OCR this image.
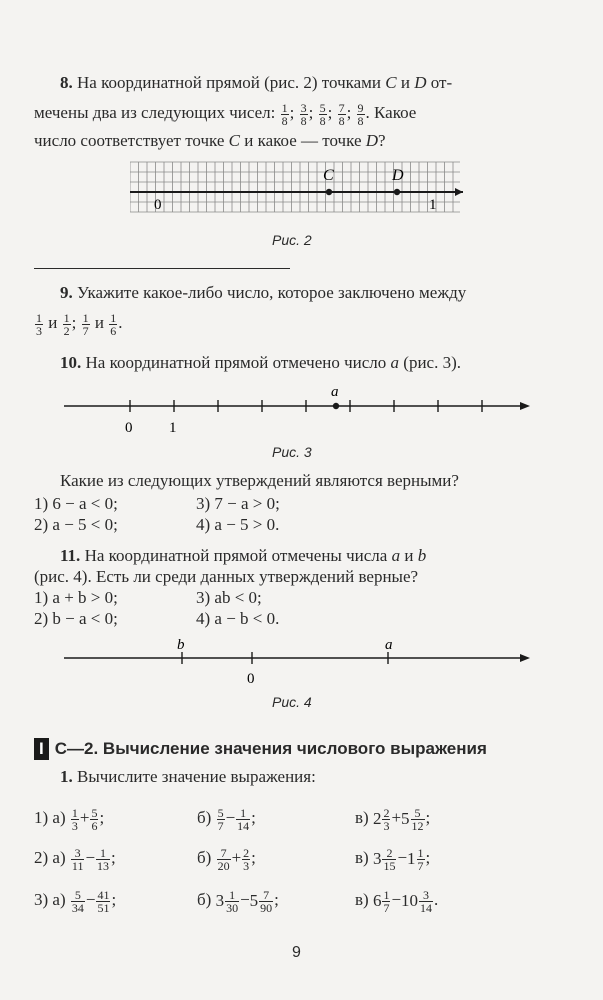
8. На координатной прямой (рис. 2) точками C и D от-
мечены два из следующих чисел: $\frac{1}{8}$ ; $\frac{3}{8}$ ; $\frac{5}{8}$ ; $\frac{7}{8}$ ; $\frac{9}{8}$ . Какое
число соответствует точке C и какое — точке D?
C	D
0	1
Рис. 2
9. Укажите какое-либо число, которое заключено между
$\frac{1}{3}$ и $\frac{1}{2}$ ; $\frac{1}{7}$ и $\frac{1}{6}$ .
10. На координатной прямой отмечено число a (рис. 3).
a
0 1
Рис. 3
Какие из следующих утверждений являются верными?
1) 6 − a < 0;	3) 7 − a > 0;
2) a − 5 < 0;	4) a − 5 > 0.
11. На координатной прямой отмечены числа a и b
(рис. 4). Есть ли среди данных утверждений верные?
1) a + b > 0;	3) ab < 0;
2) b − a < 0;	4) a − b < 0.
b	a
0
Рис. 4
I С—2. Вычисление значения числового выражения
1. Вычислите значение выражения:
1) $а) \frac{1}{3} + \frac{5}{6}$ ;	$б) \frac{5}{7} - \frac{1}{14}$ ;	в) $2 \frac{2}{3} +5 \frac{5}{12}$ ;
2) $а) \frac{3}{11} - \frac{1}{13}$ ;	$б) \frac{7}{20} + \frac{2}{3}$ ;	в) $3 \frac{2}{15} -1 \frac{1}{7}$ ;
3) $а) \frac{5}{34} - \frac{41}{51}$ ;	б) $3 \frac{1}{30} -5 \frac{7}{90}$ ;	в) $6 \frac{1}{7} -10 \frac{3}{14}$ .
9
